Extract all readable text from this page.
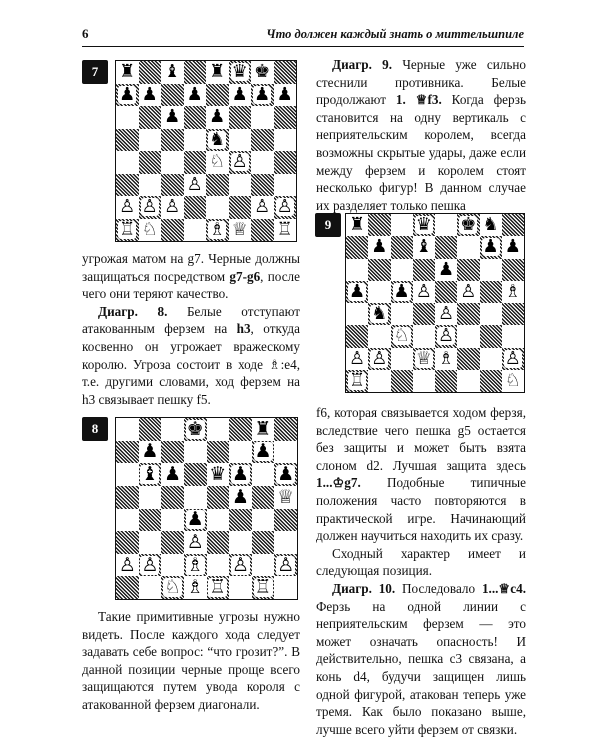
6	Что должен каждый знать о миттельшпиле
7	♜ ♝ ♜ ♛ ♚
♟ ♟ ♟ ♟ ♟ ♟
♟ ♟
♞
♘ ♙
♙
♙ ♙ ♙	♙ ♙
♖ ♘	♗ ♕ ♖
8	♚	♜
♟	♟
♝ ♟ ♛ ♟ ♟
♟ ♕
♟
♙
♙ ♙ ♗ ♙ ♙
♘ ♗ ♖ ♖
9 ♜	♛ ♚ ♞
♟ ♝	♟ ♟
♟
♟ ♟ ♙ ♙ ♗
♞	♙
♘ ♙
♙ ♙ ♕ ♗	♙
♖	♘

Диагр. 9. Черные уже сильно стеснили противника. Белые продолжают 1. ♕f3. Когда ферзь становится на одну вертикаль с неприятельским королем, всегда возможны скрытые удары, даже если между ферзем и королем стоят несколько фигур! В данном случае их разделяет только пешка

угрожая матом на g7. Черные должны защищаться посредством g7-g6, после чего они теряют качество.

Диагр. 8. Белые отступают атакованным ферзем на h3, откуда косвенно он угрожает вражескому королю. Угроза состоит в ходе ♗:e4, т.е. другими словами, ход ферзем на h3 связывает пешку f5.

f6, которая связывается ходом ферзя, вследствие чего пешка g5 остается без защиты и может быть взята слоном d2. Лучшая защита здесь 1...♔g7. Подобные типичные положения часто повторяются в практической игре. Начинающий должен научиться находить их сразу.

Сходный характер имеет и следующая позиция.

Диагр. 10. Последовало 1...♕c4. Ферзь на одной линии с неприятельским ферзем — это может означать опасность! И действительно, пешка c3 связана, а конь d4, будучи защищен лишь одной фигурой, атакован теперь уже тремя. Как было показано выше, лучше всего уйти ферзем от связки.

Такие примитивные угрозы нужно видеть. После каждого хода следует задавать себе вопрос: “что грозит?”. В данной позиции черные проще всего защищаются путем увода короля с атакованной ферзем диагонали.
